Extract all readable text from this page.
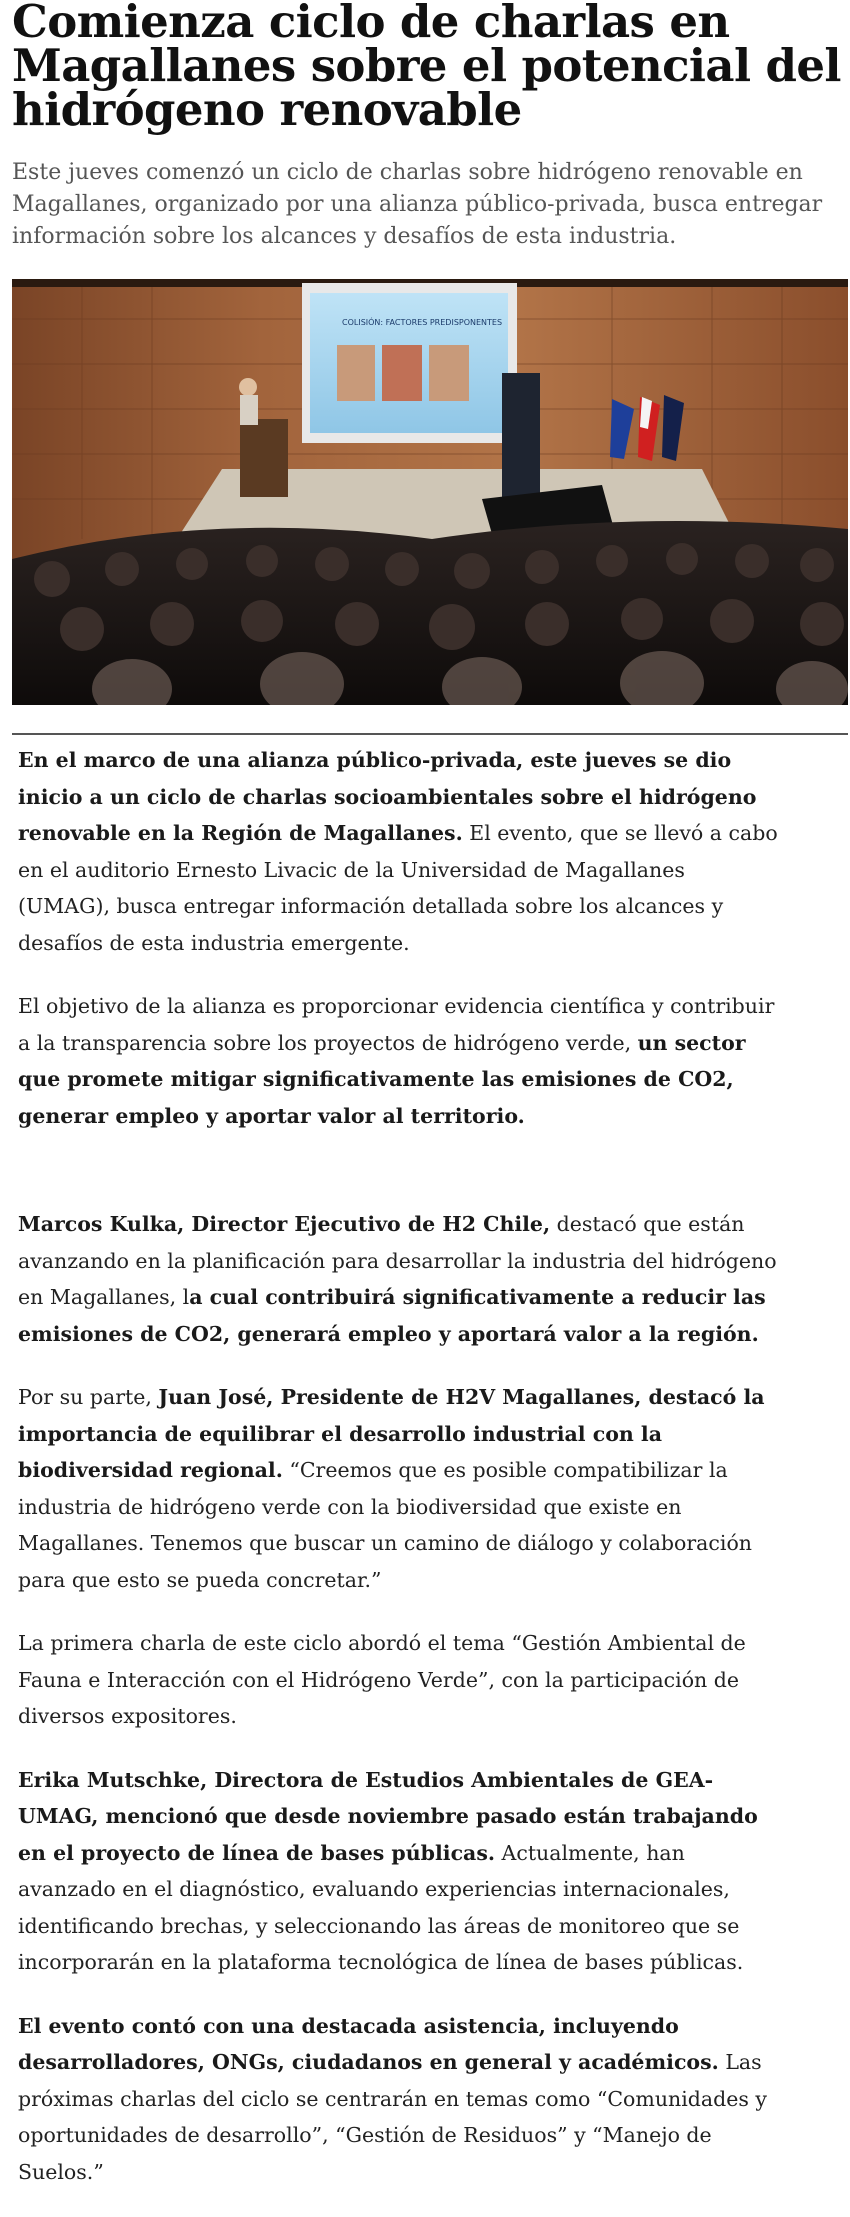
Comienza ciclo de charlas en Magallanes sobre el potencial del hidrógeno renovable

Este jueves comenzó un ciclo de charlas sobre hidrógeno renovable en Magallanes, organizado por una alianza público-privada, busca entregar información sobre los alcances y desafíos de esta industria.

COLISIÓN: FACTORES PREDISPONENTES

En el marco de una alianza público-privada, este jueves se dio inicio a un ciclo de charlas socioambientales sobre el hidrógeno renovable en la Región de Magallanes. El evento, que se llevó a cabo en el auditorio Ernesto Livacic de la Universidad de Magallanes (UMAG), busca entregar información detallada sobre los alcances y desafíos de esta industria emergente.

El objetivo de la alianza es proporcionar evidencia científica y contribuir a la transparencia sobre los proyectos de hidrógeno verde, un sector que promete mitigar significativamente las emisiones de CO2, generar empleo y aportar valor al territorio.

Marcos Kulka, Director Ejecutivo de H2 Chile, destacó que están avanzando en la planificación para desarrollar la industria del hidrógeno en Magallanes, la cual contribuirá significativamente a reducir las emisiones de CO2, generará empleo y aportará valor a la región.

Por su parte, Juan José, Presidente de H2V Magallanes, destacó la importancia de equilibrar el desarrollo industrial con la biodiversidad regional. “Creemos que es posible compatibilizar la industria de hidrógeno verde con la biodiversidad que existe en Magallanes. Tenemos que buscar un camino de diálogo y colaboración para que esto se pueda concretar.”

La primera charla de este ciclo abordó el tema “Gestión Ambiental de Fauna e Interacción con el Hidrógeno Verde”, con la participación de diversos expositores.

Erika Mutschke, Directora de Estudios Ambientales de GEA-UMAG, mencionó que desde noviembre pasado están trabajando en el proyecto de línea de bases públicas. Actualmente, han avanzado en el diagnóstico, evaluando experiencias internacionales, identificando brechas, y seleccionando las áreas de monitoreo que se incorporarán en la plataforma tecnológica de línea de bases públicas.

El evento contó con una destacada asistencia, incluyendo desarrolladores, ONGs, ciudadanos en general y académicos. Las próximas charlas del ciclo se centrarán en temas como “Comunidades y oportunidades de desarrollo”, “Gestión de Residuos” y “Manejo de Suelos.”
